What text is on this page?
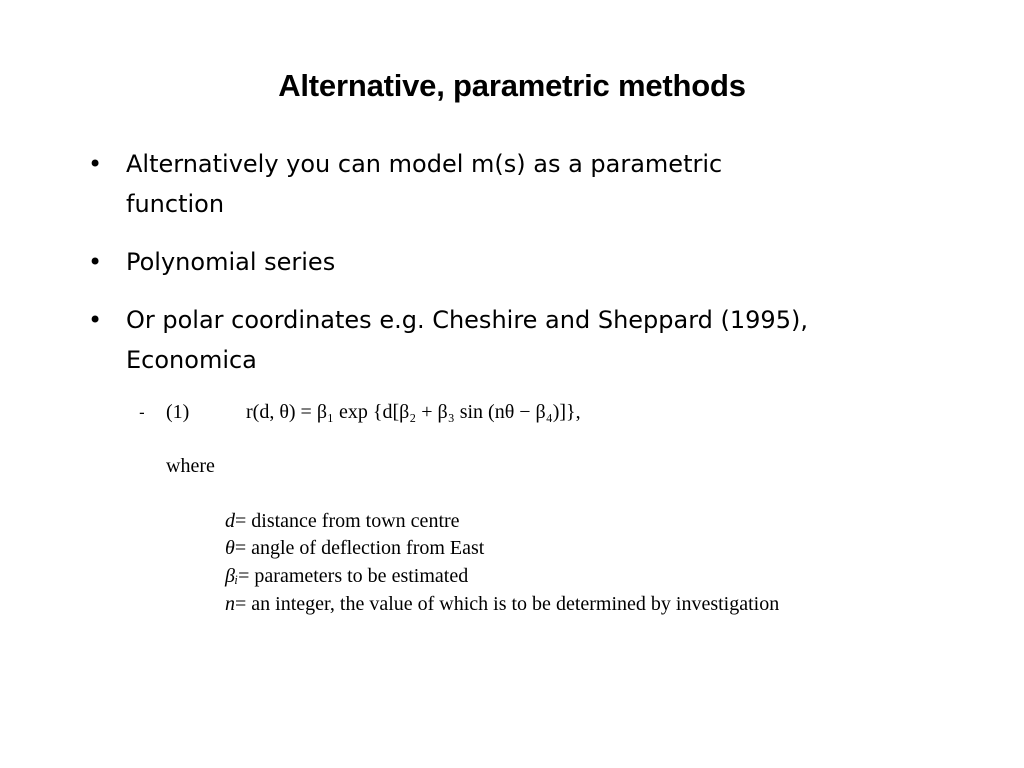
Alternative, parametric methods
• Alternatively you can model m(s) as a parametric function
• Polynomial series
• Or polar coordinates e.g. Cheshire and Sheppard (1995), Economica
- (1)	r(d, θ) = β₁ exp {d[β₂ + β₃ sin (nθ − β₄)]},
where
d= distance from town centre
θ= angle of deflection from East
βᵢ= parameters to be estimated
n= an integer, the value of which is to be determined by investigation
